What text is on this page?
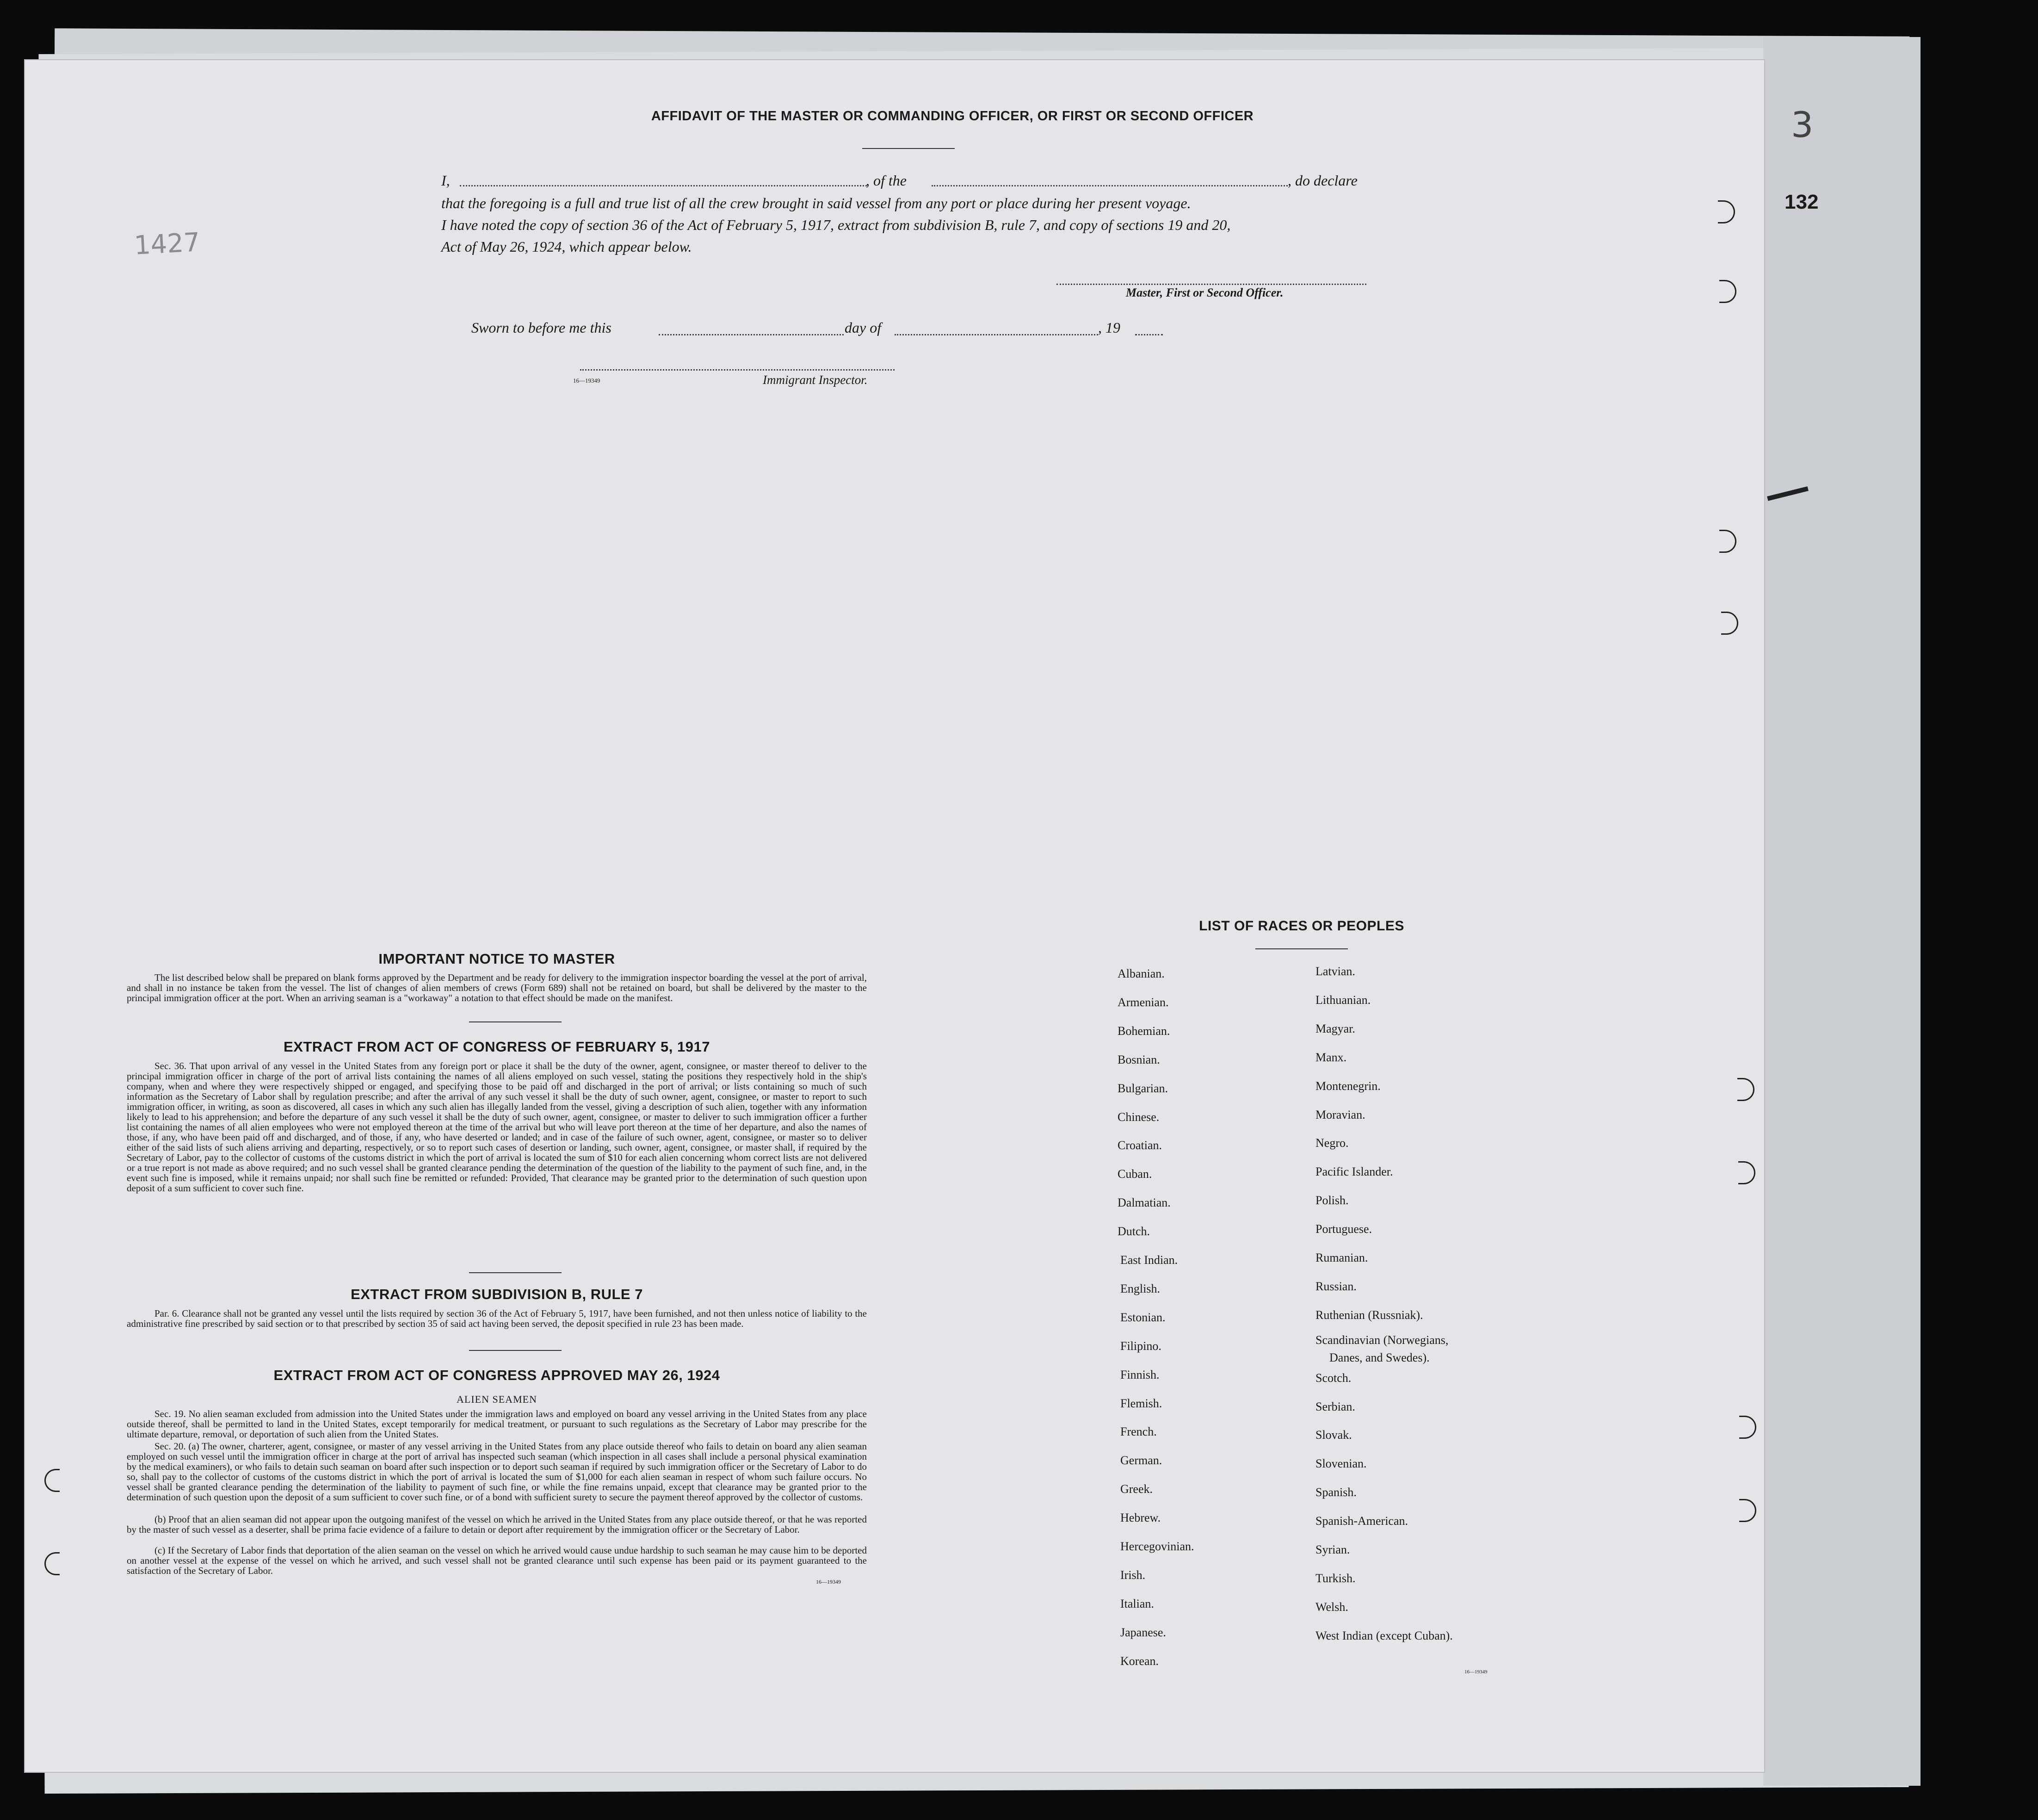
AFFIDAVIT OF THE MASTER OR COMMANDING OFFICER, OR FIRST OR SECOND OFFICER
I,	, of the	, do declare
that the foregoing is a full and true list of all the crew brought in said vessel from any port or place during her present voyage.
I have noted the copy of section 36 of the Act of February 5, 1917, extract from subdivision B, rule 7, and copy of sections 19 and 20,
Act of May 26, 1924, which appear below.
Master, First or Second Officer.
Sworn to before me this	day of	, 19
16—19349	Immigrant Inspector.
IMPORTANT NOTICE TO MASTER
The list described below shall be prepared on blank forms approved by the Department and be ready for delivery to the immigration inspector boarding the vessel at the port of arrival, and shall in no instance be taken from the vessel. The list of changes of alien members of crews (Form 689) shall not be retained on board, but shall be delivered by the master to the principal immigration officer at the port. When an arriving seaman is a "workaway" a notation to that effect should be made on the manifest.
EXTRACT FROM ACT OF CONGRESS OF FEBRUARY 5, 1917
Sec. 36. That upon arrival of any vessel in the United States from any foreign port or place it shall be the duty of the owner, agent, consignee, or master thereof to deliver to the principal immigration officer in charge of the port of arrival lists containing the names of all aliens employed on such vessel, stating the positions they respectively hold in the ship's company, when and where they were respectively shipped or engaged, and specifying those to be paid off and discharged in the port of arrival; or lists containing so much of such information as the Secretary of Labor shall by regulation prescribe; and after the arrival of any such vessel it shall be the duty of such owner, agent, consignee, or master to report to such immigration officer, in writing, as soon as discovered, all cases in which any such alien has illegally landed from the vessel, giving a description of such alien, together with any information likely to lead to his apprehension; and before the departure of any such vessel it shall be the duty of such owner, agent, consignee, or master to deliver to such immigration officer a further list containing the names of all alien employees who were not employed thereon at the time of the arrival but who will leave port thereon at the time of her departure, and also the names of those, if any, who have been paid off and discharged, and of those, if any, who have deserted or landed; and in case of the failure of such owner, agent, consignee, or master so to deliver either of the said lists of such aliens arriving and departing, respectively, or so to report such cases of desertion or landing, such owner, agent, consignee, or master shall, if required by the Secretary of Labor, pay to the collector of customs of the customs district in which the port of arrival is located the sum of $10 for each alien concerning whom correct lists are not delivered or a true report is not made as above required; and no such vessel shall be granted clearance pending the determination of the question of the liability to the payment of such fine, and, in the event such fine is imposed, while it remains unpaid; nor shall such fine be remitted or refunded: Provided, That clearance may be granted prior to the determination of such question upon deposit of a sum sufficient to cover such fine.
EXTRACT FROM SUBDIVISION B, RULE 7
Par. 6. Clearance shall not be granted any vessel until the lists required by section 36 of the Act of February 5, 1917, have been furnished, and not then unless notice of liability to the administrative fine prescribed by said section or to that prescribed by section 35 of said act having been served, the deposit specified in rule 23 has been made.
EXTRACT FROM ACT OF CONGRESS APPROVED MAY 26, 1924
ALIEN SEAMEN
Sec. 19. No alien seaman excluded from admission into the United States under the immigration laws and employed on board any vessel arriving in the United States from any place outside thereof, shall be permitted to land in the United States, except temporarily for medical treatment, or pursuant to such regulations as the Secretary of Labor may prescribe for the ultimate departure, removal, or deportation of such alien from the United States.
Sec. 20. (a) The owner, charterer, agent, consignee, or master of any vessel arriving in the United States from any place outside thereof who fails to detain on board any alien seaman employed on such vessel until the immigration officer in charge at the port of arrival has inspected such seaman (which inspection in all cases shall include a personal physical examination by the medical examiners), or who fails to detain such seaman on board after such inspection or to deport such seaman if required by such immigration officer or the Secretary of Labor to do so, shall pay to the collector of customs of the customs district in which the port of arrival is located the sum of $1,000 for each alien seaman in respect of whom such failure occurs. No vessel shall be granted clearance pending the determination of the liability to payment of such fine, or while the fine remains unpaid, except that clearance may be granted prior to the determination of such question upon the deposit of a sum sufficient to cover such fine, or of a bond with sufficient surety to secure the payment thereof approved by the collector of customs.
(b) Proof that an alien seaman did not appear upon the outgoing manifest of the vessel on which he arrived in the United States from any place outside thereof, or that he was reported by the master of such vessel as a deserter, shall be prima facie evidence of a failure to detain or deport after requirement by the immigration officer or the Secretary of Labor.
(c) If the Secretary of Labor finds that deportation of the alien seaman on the vessel on which he arrived would cause undue hardship to such seaman he may cause him to be deported on another vessel at the expense of the vessel on which he arrived, and such vessel shall not be granted clearance until such expense has been paid or its payment guaranteed to the satisfaction of the Secretary of Labor.
16—19349
LIST OF RACES OR PEOPLES
16—19349
Albanian.
Armenian.
Bohemian.
Bosnian.
Bulgarian.
Chinese.
Croatian.
Cuban.
Dalmatian.
Dutch.
East Indian.
English.
Estonian.
Filipino.
Finnish.
Flemish.
French.
German.
Greek.
Hebrew.
Hercegovinian.
Irish.
Italian.
Japanese.
Korean.
Latvian.
Lithuanian.
Magyar.
Manx.
Montenegrin.
Moravian.
Negro.
Pacific Islander.
Polish.
Portuguese.
Rumanian.
Russian.
Ruthenian (Russniak).
Scandinavian (Norwegians,
Danes, and Swedes).
Scotch.
Serbian.
Slovak.
Slovenian.
Spanish.
Spanish-American.
Syrian.
Turkish.
Welsh.
West Indian (except Cuban).
132
3
1427
